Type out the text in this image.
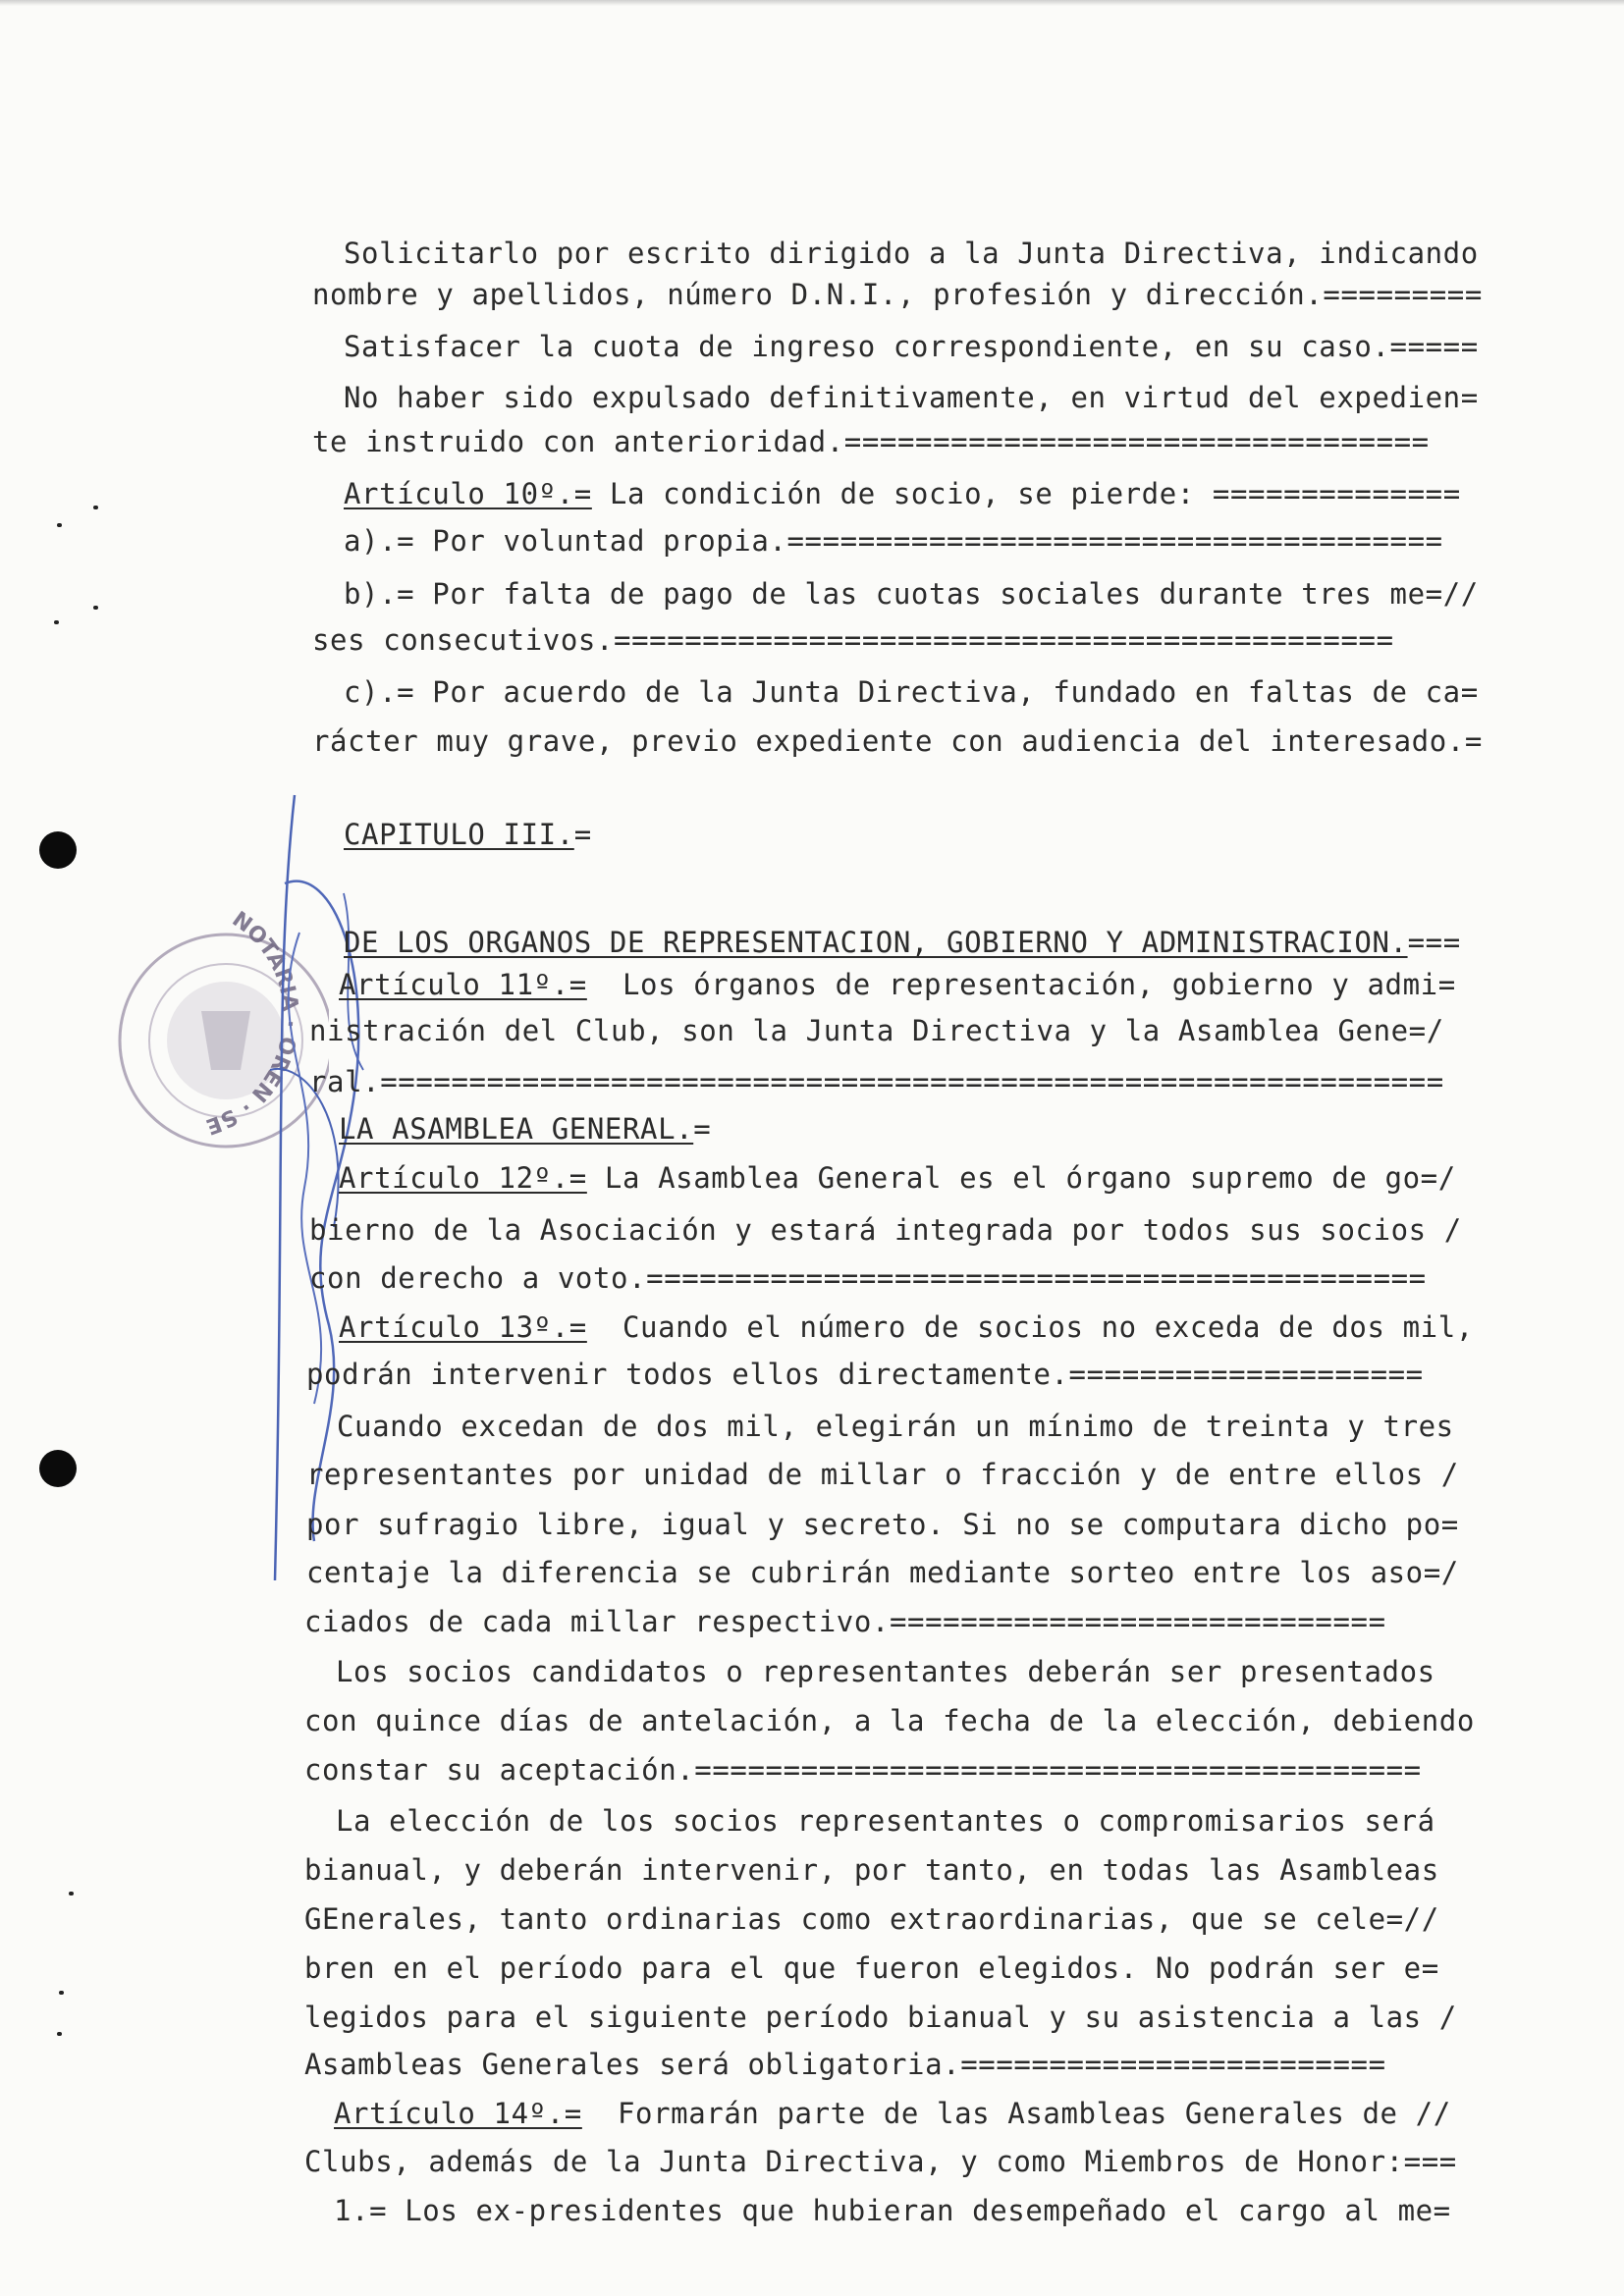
NOTARIA · OREN · SE
Solicitarlo por escrito dirigido a la Junta Directiva, indicando
nombre y apellidos, número D.N.I., profesión y dirección.=========
Satisfacer la cuota de ingreso correspondiente, en su caso.=====
No haber sido expulsado definitivamente, en virtud del expedien=
te instruido con anterioridad.=================================
Artículo 10º.= La condición de socio, se pierde: ==============
a).= Por voluntad propia.=====================================
b).= Por falta de pago de las cuotas sociales durante tres me=//
ses consecutivos.============================================
c).= Por acuerdo de la Junta Directiva, fundado en faltas de ca=
rácter muy grave, previo expediente con audiencia del interesado.=
CAPITULO III.=
DE LOS ORGANOS DE REPRESENTACION, GOBIERNO Y ADMINISTRACION.===
Artículo 11º.=  Los órganos de representación, gobierno y admi=
nistración del Club, son la Junta Directiva y la Asamblea Gene=/
ral.============================================================
LA ASAMBLEA GENERAL.=
Artículo 12º.= La Asamblea General es el órgano supremo de go=/
bierno de la Asociación y estará integrada por todos sus socios /
con derecho a voto.============================================
Artículo 13º.=  Cuando el número de socios no exceda de dos mil,
podrán intervenir todos ellos directamente.====================
Cuando excedan de dos mil, elegirán un mínimo de treinta y tres
representantes por unidad de millar o fracción y de entre ellos /
por sufragio libre, igual y secreto. Si no se computara dicho po=
centaje la diferencia se cubrirán mediante sorteo entre los aso=/
ciados de cada millar respectivo.============================
Los socios candidatos o representantes deberán ser presentados
con quince días de antelación, a la fecha de la elección, debiendo
constar su aceptación.=========================================
La elección de los socios representantes o compromisarios será
bianual, y deberán intervenir, por tanto, en todas las Asambleas
GEnerales, tanto ordinarias como extraordinarias, que se cele=//
bren en el período para el que fueron elegidos. No podrán ser e=
legidos para el siguiente período bianual y su asistencia a las /
Asambleas Generales será obligatoria.========================
Artículo 14º.=  Formarán parte de las Asambleas Generales de //
Clubs, además de la Junta Directiva, y como Miembros de Honor:===
1.= Los ex-presidentes que hubieran desempeñado el cargo al me=
